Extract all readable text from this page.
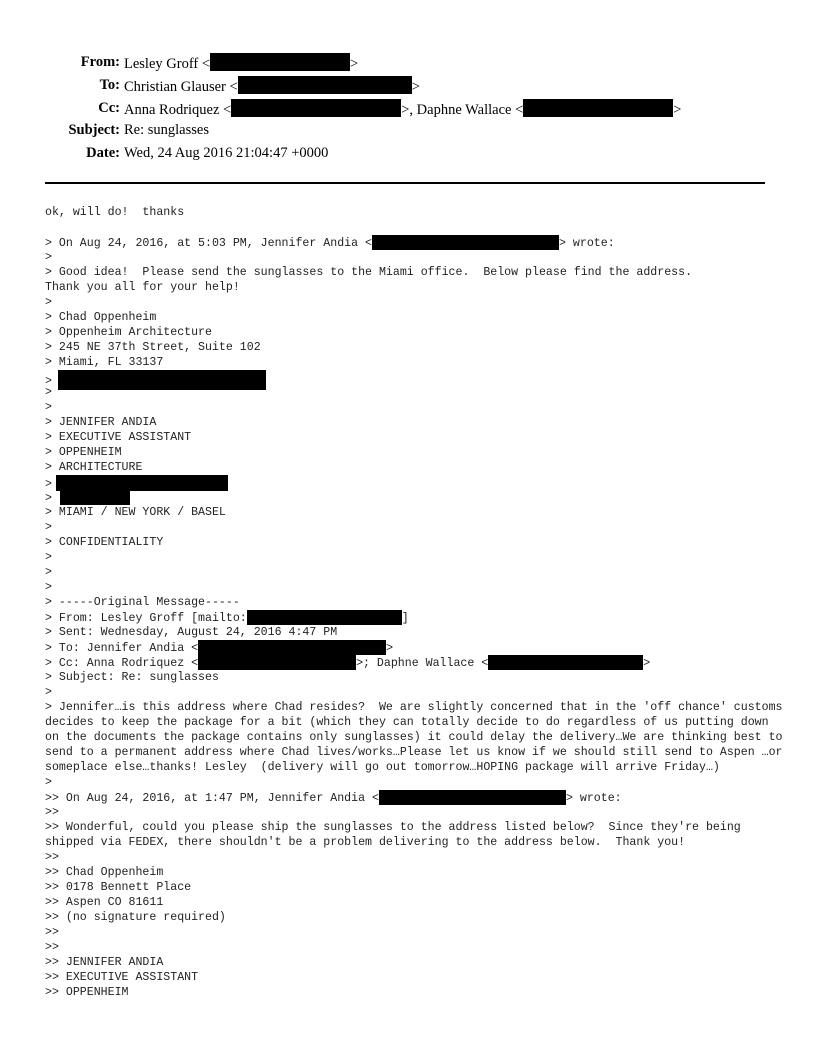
From: Lesley Groff <	>
To: Christian Glauser <	>
Cc: Anna Rodriquez <	>, Daphne Wallace <	>
Subject: Re: sunglasses
Date: Wed, 24 Aug 2016 21:04:47 +0000
ok, will do!  thanks
> On Aug 24, 2016, at 5:03 PM, Jennifer Andia <	> wrote:
>
> Good idea!  Please send the sunglasses to the Miami office.  Below please find the address.
Thank you all for your help!
>
> Chad Oppenheim
> Oppenheim Architecture
> 245 NE 37th Street, Suite 102
> Miami, FL 33137
>
>
>
> JENNIFER ANDIA
> EXECUTIVE ASSISTANT
> OPPENHEIM
> ARCHITECTURE
>
>
> MIAMI / NEW YORK / BASEL
>
> CONFIDENTIALITY
>
>
>
> -----Original Message-----
> From: Lesley Groff [mailto:	]
> Sent: Wednesday, August 24, 2016 4:47 PM
> To: Jennifer Andia <	>
> Cc: Anna Rodriquez <	>; Daphne Wallace <	>
> Subject: Re: sunglasses
>
> Jennifer…is this address where Chad resides?  We are slightly concerned that in the 'off chance' customs decides to keep the package for a bit (which they can totally decide to do regardless of us putting down on the documents the package contains only sunglasses) it could delay the delivery…We are thinking best to send to a permanent address where Chad lives/works…Please let us know if we should still send to Aspen …or someplace else…thanks! Lesley  (delivery will go out tomorrow…HOPING package will arrive Friday…)
>
>> On Aug 24, 2016, at 1:47 PM, Jennifer Andia <	> wrote:
>>
>> Wonderful, could you please ship the sunglasses to the address listed below?  Since they're being shipped via FEDEX, there shouldn't be a problem delivering to the address below.  Thank you!
>>
>> Chad Oppenheim
>> 0178 Bennett Place
>> Aspen CO 81611
>> (no signature required)
>>
>>
>> JENNIFER ANDIA
>> EXECUTIVE ASSISTANT
>> OPPENHEIM
